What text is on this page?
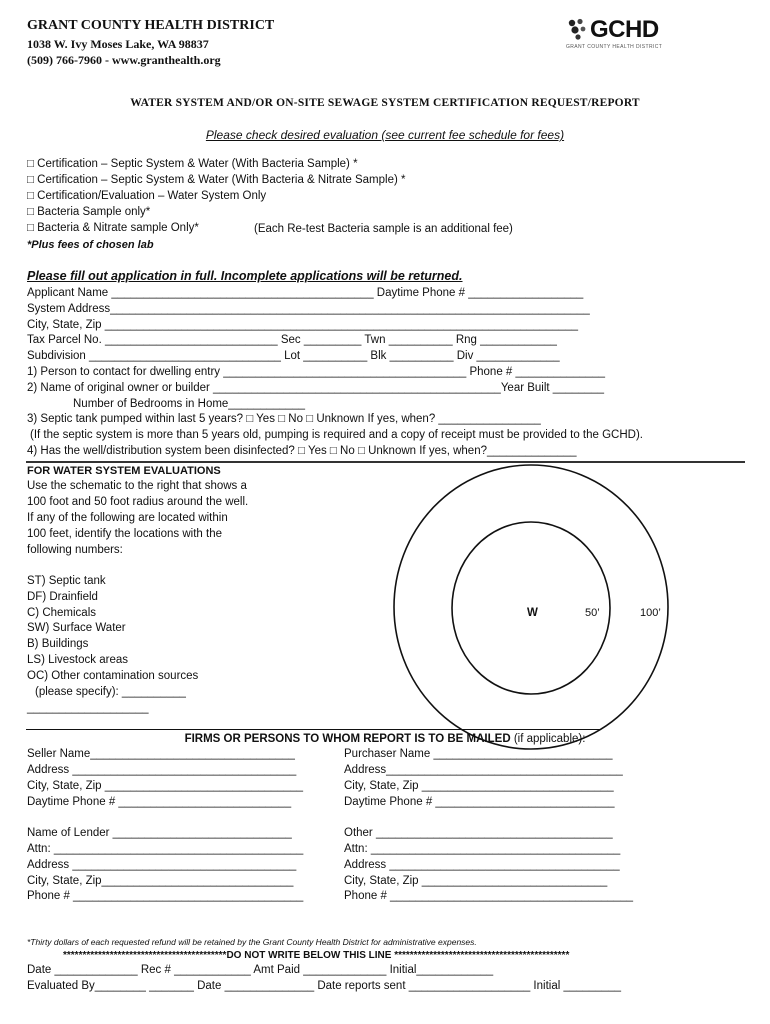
GRANT COUNTY HEALTH DISTRICT
1038 W. Ivy Moses Lake, WA 98837
(509) 766-7960 - www.granthealth.org
GCHD
GRANT COUNTY HEALTH DISTRICT
WATER SYSTEM AND/OR ON-SITE SEWAGE SYSTEM CERTIFICATION REQUEST/REPORT
Please check desired evaluation (see current fee schedule for fees)
□ Certification – Septic System & Water (With Bacteria Sample) *
□ Certification – Septic System & Water (With Bacteria & Nitrate Sample) *
□ Certification/Evaluation – Water System Only
□ Bacteria Sample only*
□ Bacteria & Nitrate sample Only*	(Each Re-test Bacteria sample is an additional fee)
*Plus fees of chosen lab
Please fill out application in full. Incomplete applications will be returned.
Applicant Name _________________________________________ Daytime Phone # __________________
System Address___________________________________________________________________________
City, State, Zip __________________________________________________________________________
Tax Parcel No. ___________________________ Sec _________ Twn __________ Rng ____________
Subdivision ______________________________ Lot __________ Blk __________ Div _____________
1) Person to contact for dwelling entry ______________________________________ Phone # ______________
2) Name of original owner or builder _____________________________________________Year Built ________
Number of Bedrooms in Home____________
3) Septic tank pumped within last 5 years? □ Yes □ No □ Unknown If yes, when? ________________
(If the septic system is more than 5 years old, pumping is required and a copy of receipt must be provided to the GCHD).
4) Has the well/distribution system been disinfected? □ Yes □ No □ Unknown If yes, when?______________
FOR WATER SYSTEM EVALUATIONS
Use the schematic to the right that shows a
100 foot and 50 foot radius around the well.
If any of the following are located within
100 feet, identify the locations with the
following numbers:
ST) Septic tank
DF) Drainfield
C) Chemicals
SW) Surface Water
B) Buildings
LS) Livestock areas
OC) Other contamination sources
(please specify): __________
___________________
W	50’	100’
FIRMS OR PERSONS TO WHOM REPORT IS TO BE MAILED (if applicable):
Seller Name________________________________
Address ___________________________________
City, State, Zip _______________________________
Daytime Phone # ___________________________
Purchaser Name ____________________________
Address_____________________________________
City, State, Zip ______________________________
Daytime Phone # ____________________________
Name of Lender ____________________________
Attn: _______________________________________
Address ___________________________________
City, State, Zip______________________________
Phone # ____________________________________
Other _____________________________________
Attn: _______________________________________
Address ____________________________________
City, State, Zip _____________________________
Phone # ______________________________________
*Thirty dollars of each requested refund will be retained by the Grant County Health District for administrative expenses.
******************************************DO NOT WRITE BELOW THIS LINE *********************************************
Date _____________ Rec # ____________ Amt Paid _____________ Initial____________
Evaluated By________ _______ Date ______________ Date reports sent ___________________ Initial _________
